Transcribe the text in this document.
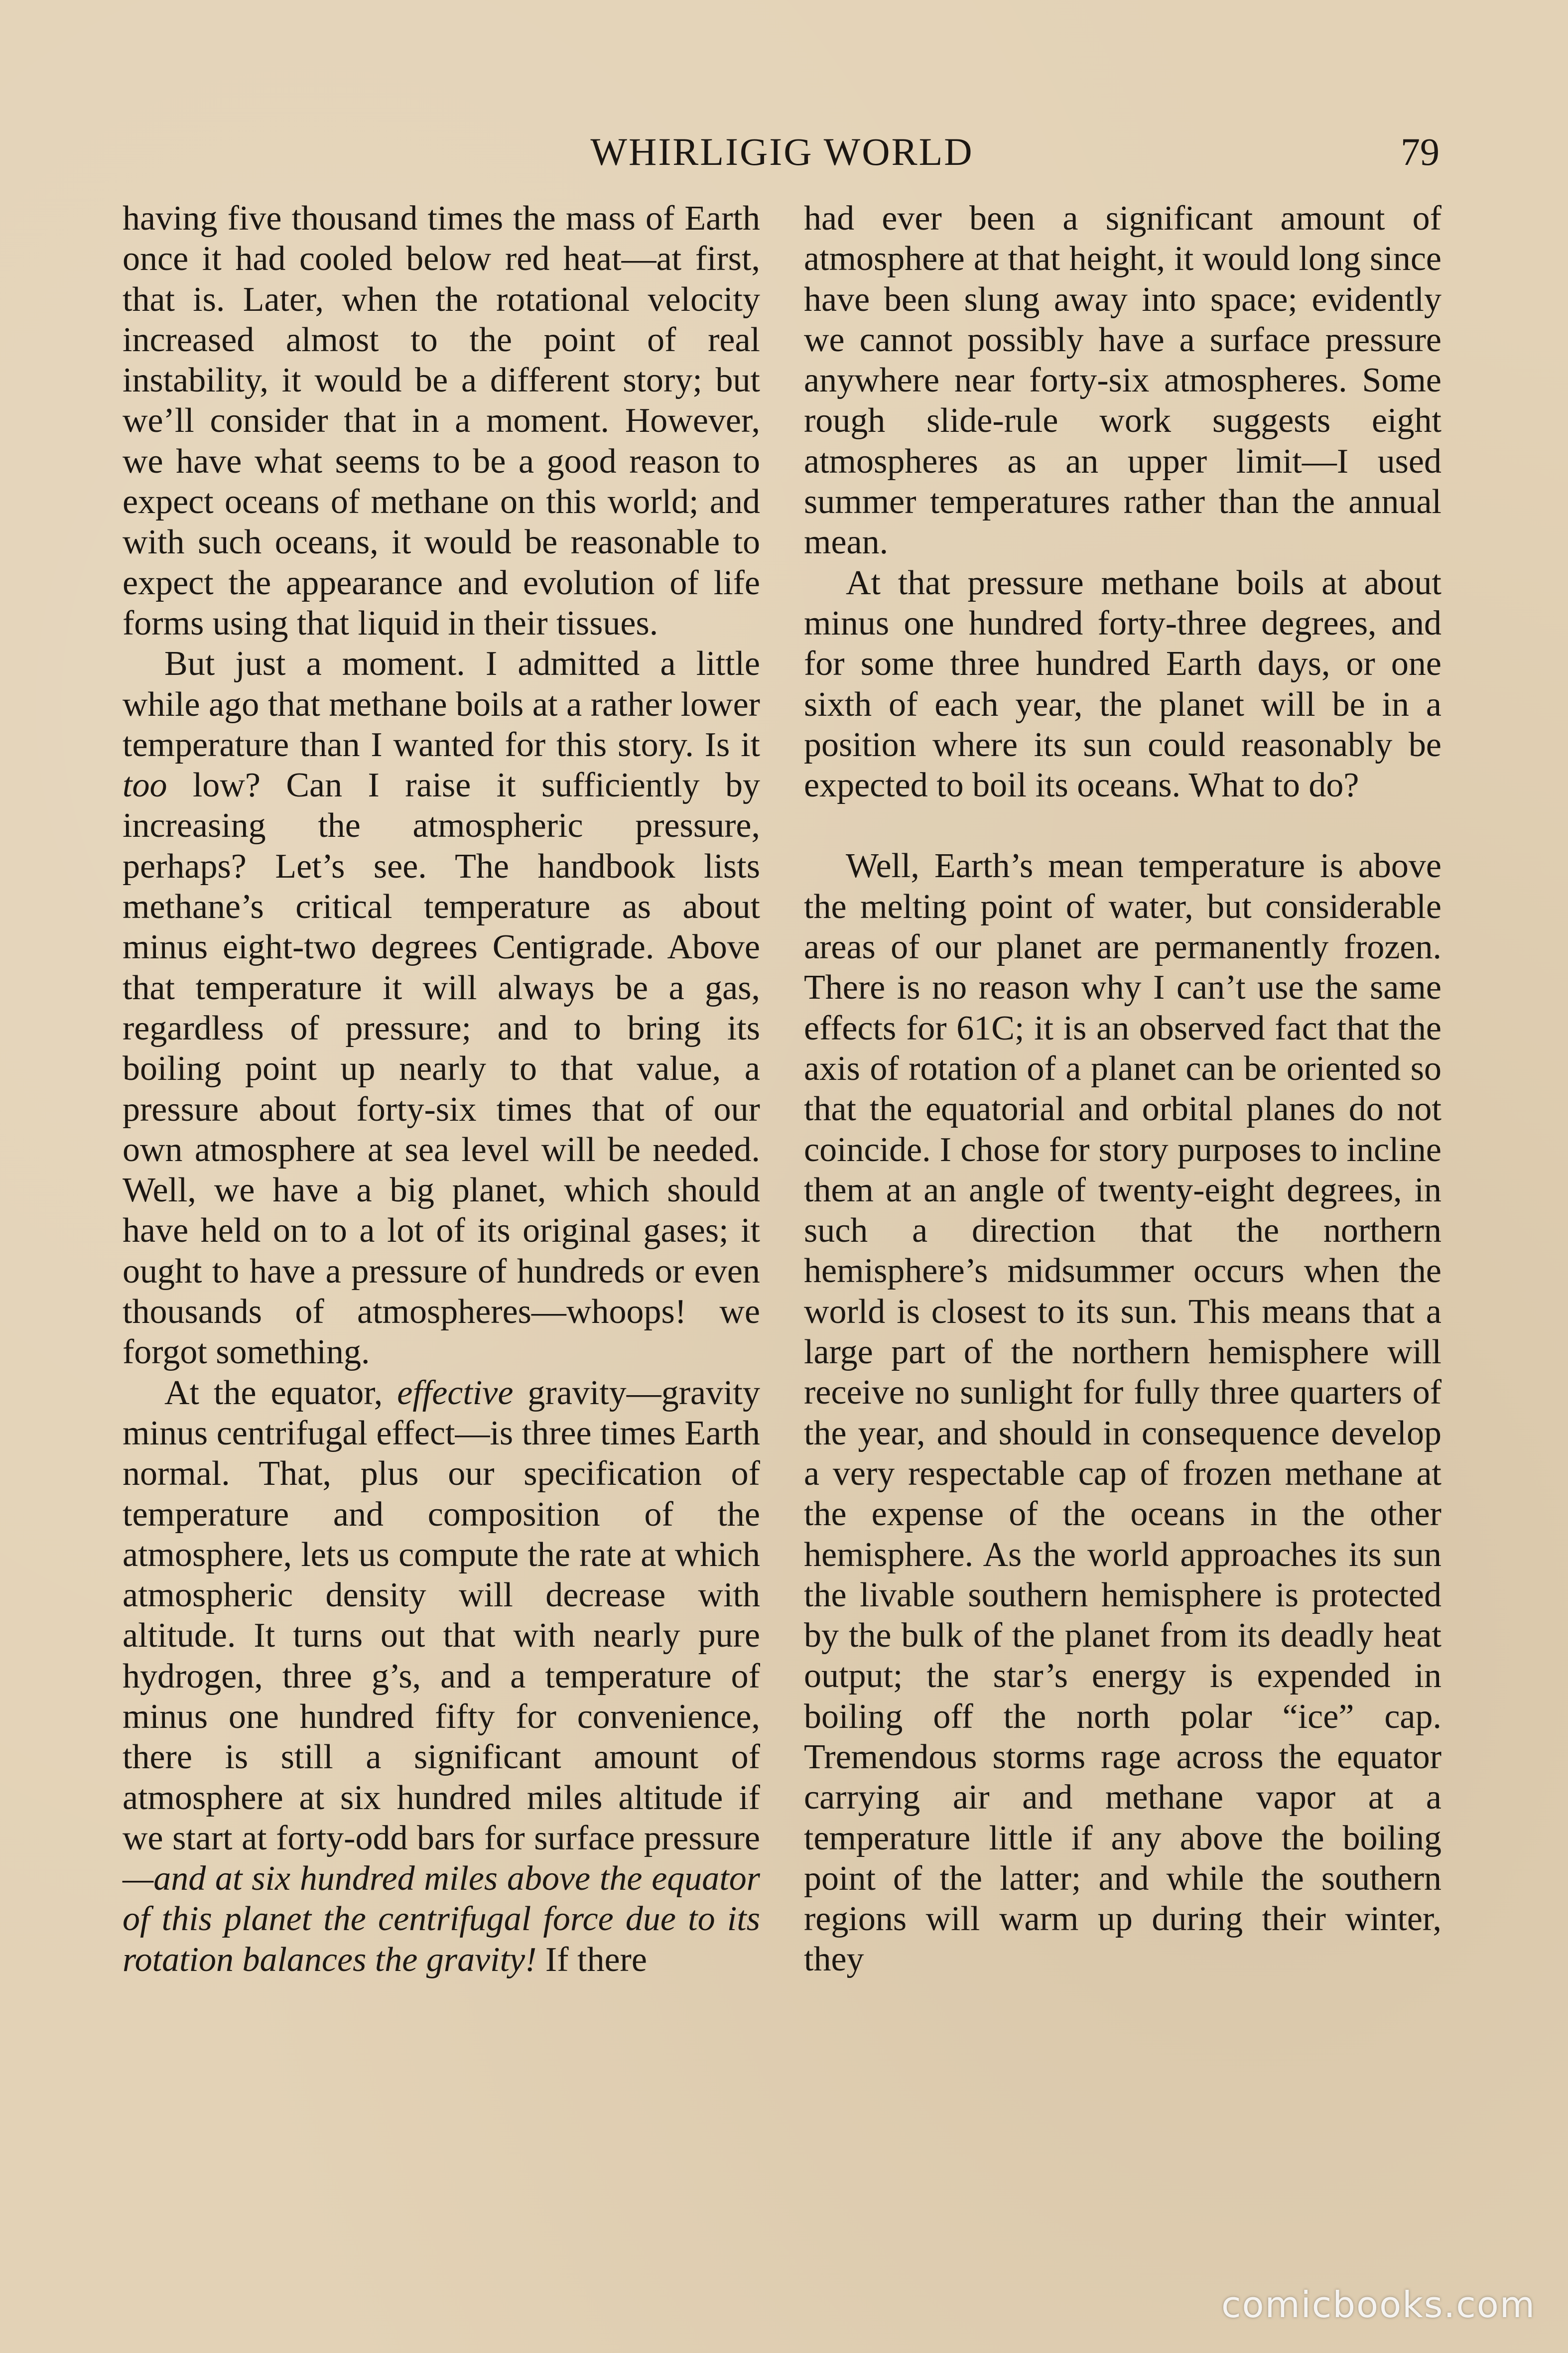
WHIRLIGIG WORLD	79

having five thousand times the mass of Earth once it had cooled below red heat—at first, that is. Later, when the rotational velocity increased almost to the point of real instability, it would be a different story; but we’ll consider that in a moment. However, we have what seems to be a good reason to expect oceans of methane on this world; and with such oceans, it would be reasonable to expect the appearance and evolution of life forms using that liquid in their tissues.

But just a moment. I admitted a little while ago that methane boils at a rather lower temperature than I wanted for this story. Is it too low? Can I raise it sufficiently by increasing the atmospheric pressure, perhaps? Let’s see. The handbook lists methane’s critical temperature as about minus eight-two degrees Centigrade. Above that temperature it will always be a gas, regardless of pressure; and to bring its boiling point up nearly to that value, a pressure about forty-six times that of our own atmosphere at sea level will be needed. Well, we have a big planet, which should have held on to a lot of its original gases; it ought to have a pressure of hundreds or even thousands of atmospheres—whoops! we forgot something.

At the equator, effective gravity—gravity minus centrifugal effect—is three times Earth normal. That, plus our specification of temperature and composition of the atmosphere, lets us compute the rate at which atmospheric density will decrease with altitude. It turns out that with nearly pure hydrogen, three g’s, and a temperature of minus one hundred fifty for convenience, there is still a significant amount of atmosphere at six hundred miles altitude if we start at forty-odd bars for surface pressure—and at six hundred miles above the equator of this planet the centrifugal force due to its rotation balances the gravity! If there

had ever been a significant amount of atmosphere at that height, it would long since have been slung away into space; evidently we cannot possibly have a surface pressure anywhere near forty-six atmospheres. Some rough slide-rule work suggests eight atmospheres as an upper limit—I used summer temperatures rather than the annual mean.

At that pressure methane boils at about minus one hundred forty-three degrees, and for some three hundred Earth days, or one sixth of each year, the planet will be in a position where its sun could reasonably be expected to boil its oceans. What to do?

Well, Earth’s mean temperature is above the melting point of water, but considerable areas of our planet are permanently frozen. There is no reason why I can’t use the same effects for 61C; it is an observed fact that the axis of rotation of a planet can be oriented so that the equatorial and orbital planes do not coincide. I chose for story purposes to incline them at an angle of twenty-eight degrees, in such a direction that the northern hemisphere’s midsummer occurs when the world is closest to its sun. This means that a large part of the northern hemisphere will receive no sunlight for fully three quarters of the year, and should in consequence develop a very respectable cap of frozen methane at the expense of the oceans in the other hemisphere. As the world approaches its sun the livable southern hemisphere is protected by the bulk of the planet from its deadly heat output; the star’s energy is expended in boiling off the north polar “ice” cap. Tremendous storms rage across the equator carrying air and methane vapor at a temperature little if any above the boiling point of the latter; and while the southern regions will warm up during their winter, they

comicbooks.com
